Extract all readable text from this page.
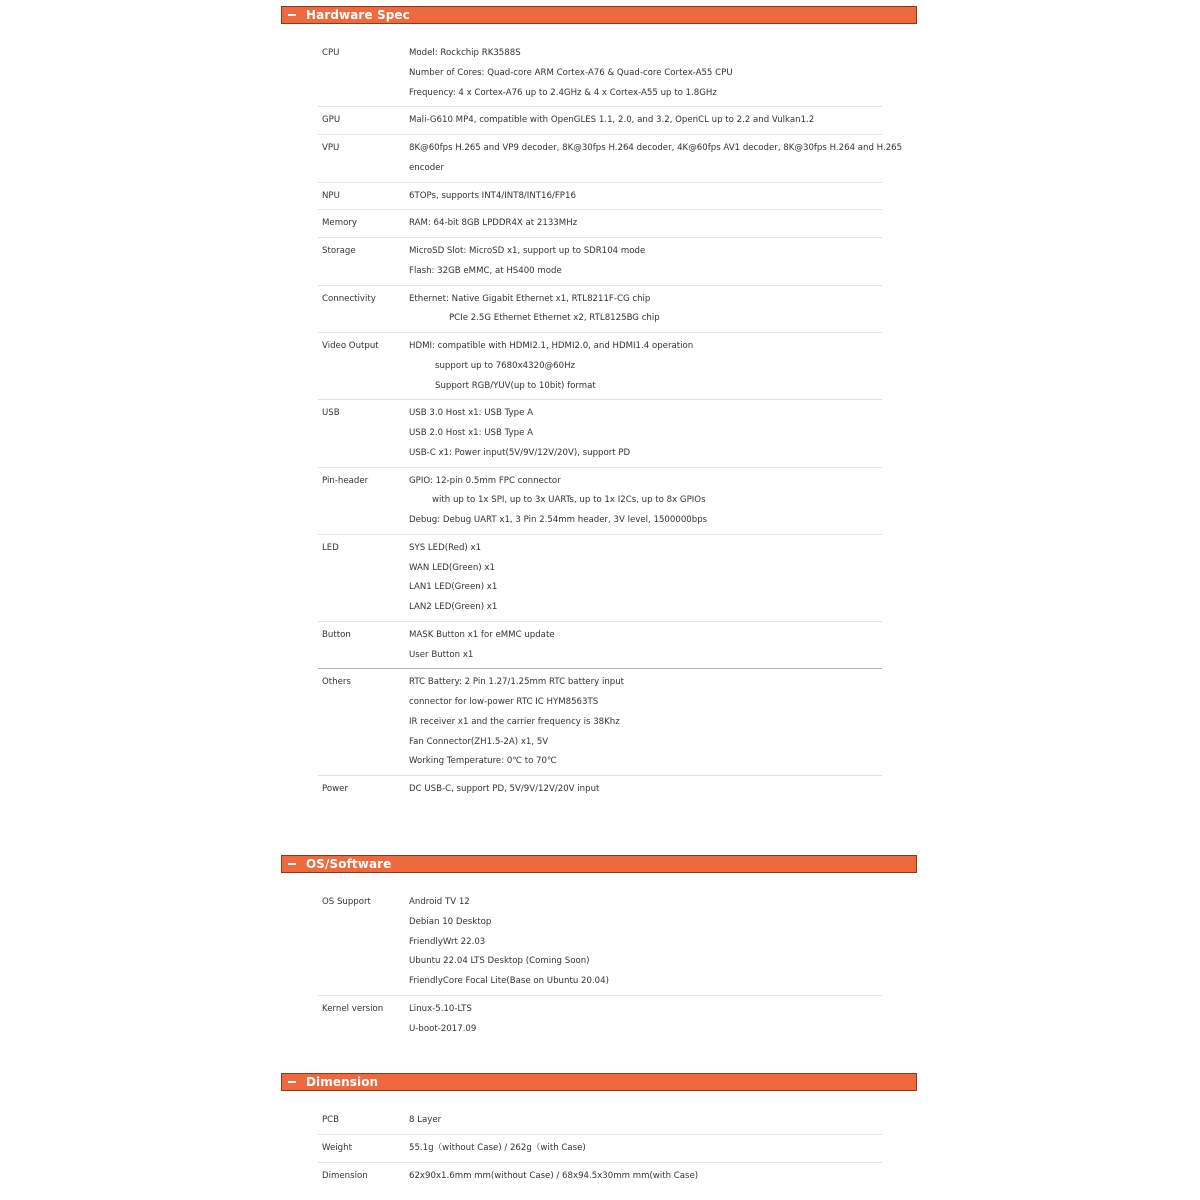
Hardware Spec
CPU	Model: Rockchip RK3588S
Number of Cores: Quad-core ARM Cortex-A76 & Quad-core Cortex-A55 CPU
Frequency: 4 x Cortex-A76 up to 2.4GHz & 4 x Cortex-A55 up to 1.8GHz
GPU	Mali-G610 MP4, compatible with OpenGLES 1.1, 2.0, and 3.2, OpenCL up to 2.2 and Vulkan1.2
VPU	8K@60fps H.265 and VP9 decoder, 8K@30fps H.264 decoder, 4K@60fps AV1 decoder, 8K@30fps H.264 and H.265
encoder
NPU	6TOPs, supports INT4/INT8/INT16/FP16
Memory	RAM: 64-bit 8GB LPDDR4X at 2133MHz
Storage	MicroSD Slot: MicroSD x1, support up to SDR104 mode
Flash: 32GB eMMC, at HS400 mode
Connectivity	Ethernet: Native Gigabit Ethernet x1, RTL8211F-CG chip
PCIe 2.5G Ethernet Ethernet x2, RTL8125BG chip
Video Output	HDMI: compatible with HDMI2.1, HDMI2.0, and HDMI1.4 operation
support up to 7680x4320@60Hz
Support RGB/YUV(up to 10bit) format
USB	USB 3.0 Host x1: USB Type A
USB 2.0 Host x1: USB Type A
USB-C x1: Power input(5V/9V/12V/20V), support PD
Pin-header	GPIO: 12-pin 0.5mm FPC connector
with up to 1x SPI, up to 3x UARTs, up to 1x I2Cs, up to 8x GPIOs
Debug: Debug UART x1, 3 Pin 2.54mm header, 3V level, 1500000bps
LED	SYS LED(Red) x1
WAN LED(Green) x1
LAN1 LED(Green) x1
LAN2 LED(Green) x1
Button	MASK Button x1 for eMMC update
User Button x1
Others	RTC Battery: 2 Pin 1.27/1.25mm RTC battery input
connector for low-power RTC IC HYM8563TS
IR receiver x1 and the carrier frequency is 38Khz
Fan Connector(ZH1.5-2A) x1, 5V
Working Temperature: 0℃ to 70℃
Power	DC USB-C, support PD, 5V/9V/12V/20V input
OS/Software
OS Support	Android TV 12
Debian 10 Desktop
FriendlyWrt 22.03
Ubuntu 22.04 LTS Desktop (Coming Soon)
FriendlyCore Focal Lite(Base on Ubuntu 20.04)
Kernel version	Linux-5.10-LTS
U-boot-2017.09
Dimension
PCB	8 Layer
Weight	55.1g（without Case) / 262g（with Case)
Dimension	62x90x1.6mm mm(without Case) / 68x94.5x30mm mm(with Case)
